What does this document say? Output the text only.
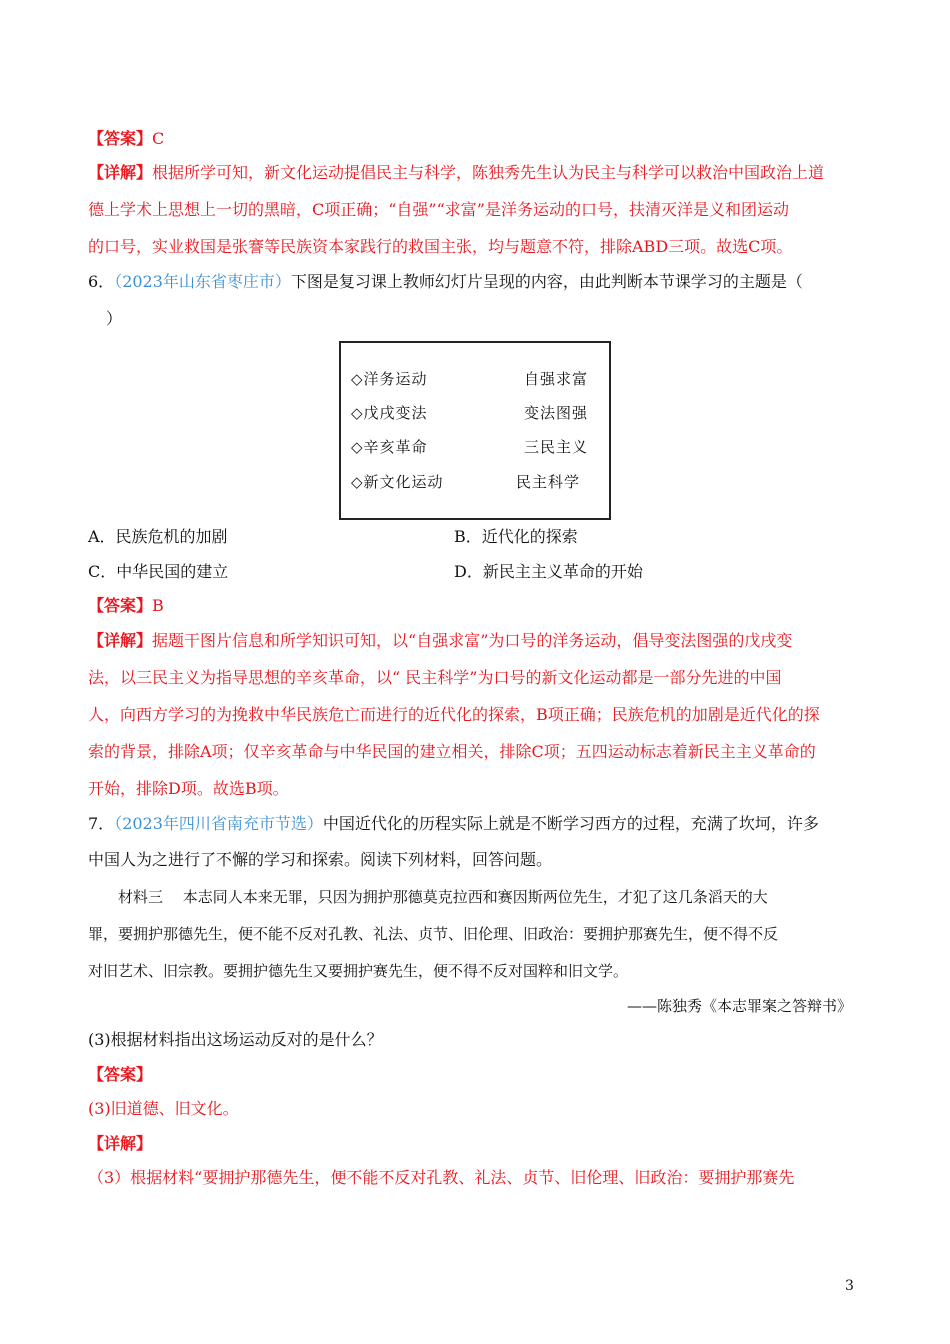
【答案】C
【详解】根据所学可知，新文化运动提倡民主与科学，陈独秀先生认为民主与科学可以救治中国政治上道
德上学术上思想上一切的黑暗，C项正确；“自强”“求富”是洋务运动的口号，扶清灭洋是义和团运动
的口号，实业救国是张謇等民族资本家践行的救国主张，均与题意不符，排除ABD三项。故选C项。
6．（2023年山东省枣庄市）下图是复习课上教师幻灯片呈现的内容，由此判断本节课学习的主题是（
）
◇洋务运动	自强求富
◇戊戌变法	变法图强
◇辛亥革命	三民主义
◇新文化运动	民主科学
A．民族危机的加剧	B．近代化的探索
C．中华民国的建立	D．新民主主义革命的开始
【答案】B
【详解】据题干图片信息和所学知识可知，以“自强求富”为口号的洋务运动，倡导变法图强的戊戌变
法，以三民主义为指导思想的辛亥革命，以“ 民主科学”为口号的新文化运动都是一部分先进的中国
人，向西方学习的为挽救中华民族危亡而进行的近代化的探索，B项正确；民族危机的加剧是近代化的探
索的背景，排除A项；仅辛亥革命与中华民国的建立相关，排除C项；五四运动标志着新民主主义革命的
开始，排除D项。故选B项。
7．（2023年四川省南充市节选）中国近代化的历程实际上就是不断学习西方的过程，充满了坎坷，许多
中国人为之进行了不懈的学习和探索。阅读下列材料，回答问题。
材料三　 本志同人本来无罪，只因为拥护那德莫克拉西和赛因斯两位先生，才犯了这几条滔天的大
罪，要拥护那德先生，便不能不反对孔教、礼法、贞节、旧伦理、旧政治：要拥护那赛先生，便不得不反
对旧艺术、旧宗教。要拥护德先生又要拥护赛先生，便不得不反对国粹和旧文学。
——陈独秀《本志罪案之答辩书》
(3)根据材料指出这场运动反对的是什么？
【答案】
(3)旧道德、旧文化。
【详解】
（3）根据材料“要拥护那德先生，便不能不反对孔教、礼法、贞节、旧伦理、旧政治：要拥护那赛先
3
